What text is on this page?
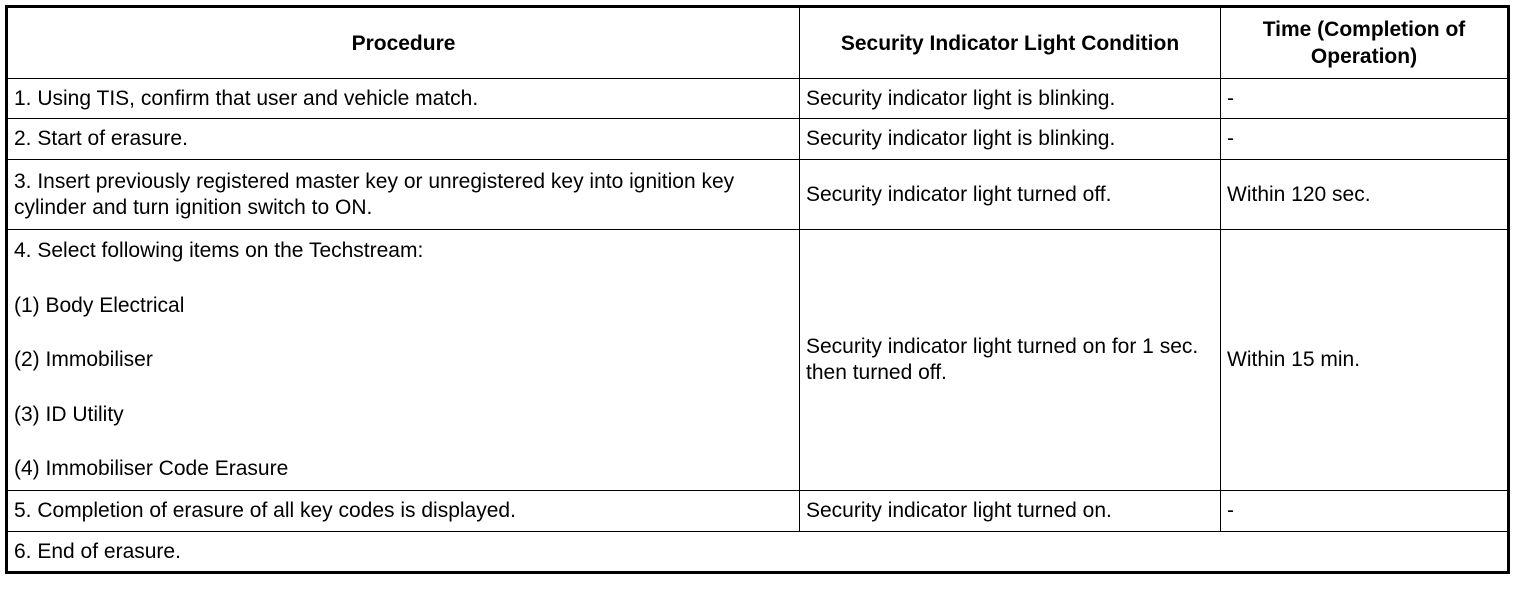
Procedure	Security Indicator Light Condition	Time (Completion of Operation)
1. Using TIS, confirm that user and vehicle match.	Security indicator light is blinking.	-
2. Start of erasure.	Security indicator light is blinking.	-
3. Insert previously registered master key or unregistered key into ignition key cylinder and turn ignition switch to ON.	Security indicator light turned off.	Within 120 sec.

4. Select following items on the Techstream:
(1) Body Electrical
(2) Immobiliser
(3) ID Utility
(4) Immobiliser Code Erasure	Security indicator light turned on for 1 sec. then turned off.	Within 15 min.
5. Completion of erasure of all key codes is displayed.	Security indicator light turned on.	-
6. End of erasure.		
